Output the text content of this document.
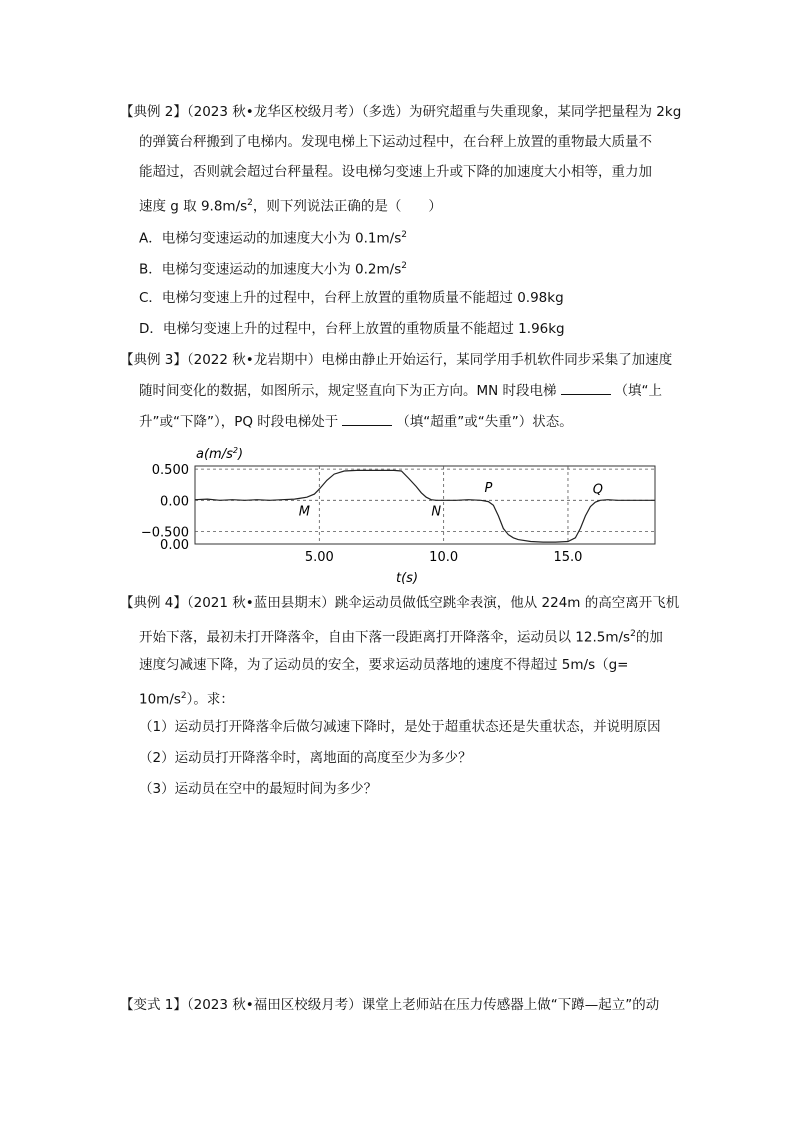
【典例 2】（2023 秋•龙华区校级月考）（多选）为研究超重与失重现象，某同学把量程为 2kg
的弹簧台秤搬到了电梯内。发现电梯上下运动过程中，在台秤上放置的重物最大质量不
能超过，否则就会超过台秤量程。设电梯匀变速上升或下降的加速度大小相等，重力加
速度 g 取 $9.8m/s^2$，则下列说法正确的是（　　）
A．电梯匀变速运动的加速度大小为 $0.1m/s^2$
B．电梯匀变速运动的加速度大小为 $0.2m/s^2$
C．电梯匀变速上升的过程中，台秤上放置的重物质量不能超过 0.98kg
D．电梯匀变速上升的过程中，台秤上放置的重物质量不能超过 1.96kg
【典例 3】（2022 秋•龙岩期中）电梯由静止开始运行，某同学用手机软件同步采集了加速度
随时间变化的数据，如图所示，规定竖直向下为正方向。MN 时段电梯	（填“上
升”或“下降”），PQ 时段电梯处于	（填“超重”或“失重”）状态。
$a(m/s^2)$
0.500
0.00
−0.500
0.00
5.00	10.0	15.0
M	N
P	Q
t(s)
【典例 4】（2021 秋•蓝田县期末）跳伞运动员做低空跳伞表演，他从 224m 的高空离开飞机
开始下落，最初未打开降落伞，自由下落一段距离打开降落伞，运动员以 $12.5m/s^2$的加
速度匀减速下降，为了运动员的安全，要求运动员落地的速度不得超过 5m/s（g=
$10m/s^2$）。求：
（1）运动员打开降落伞后做匀减速下降时，是处于超重状态还是失重状态，并说明原因
（2）运动员打开降落伞时，离地面的高度至少为多少？
（3）运动员在空中的最短时间为多少？
【变式 1】（2023 秋•福田区校级月考）课堂上老师站在压力传感器上做“下蹲—起立”的动
